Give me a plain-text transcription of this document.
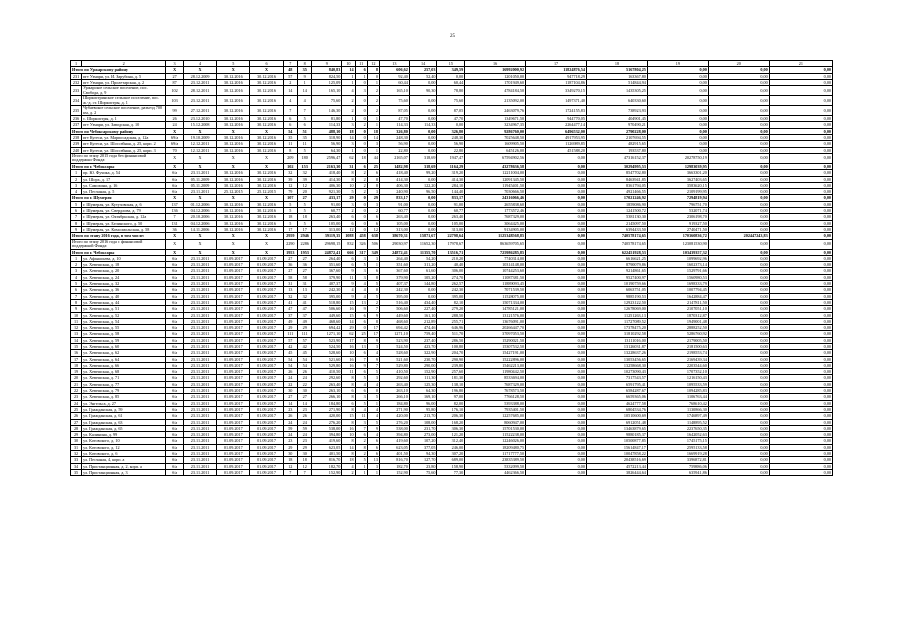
25
1	2	3	4	5	6	7	8	9	10	11	12	13	14	15	16	17	18	19	20	21
Итого по Уржарскому району		X	X	X	X	48	35	840,83	14	6	8	606,62	257,03	349,59	16992000,92	11824876,54	5167804,25	0,00	0,00	0,00
231	пгт Узмари, ул. И. Зарубина, д. 5	27	28.12.2009	30.12.2016	30.12.2016	57	9	824,50	1	1	0	92,40	52,40	0,00	1201050,00	947718,29	163367,80	0,00	0,00	0,00
232	пгт Узмари, ул. Пролетарская, д. 2	87	23.12.2011	30.12.2016	30.12.2016	2	1	125,09	1	0	1	60,44	0,00	60,44	1701949,60	1187104,86	514844,94	0,00	0,00	0,00
233	Уржарское сельское поселение, пос. Свобода, д. 9	102	28.12.2011	30.12.2016	30.12.2016	14	14	165,10	4	3	2	165,10	90,30	78,80	4784184,50	3349270,15	1435305,25	0,00	0,00	0,00
234	Шоркистринское сельское поселение, пос. ж.-д. ст. Шоркистры, д. 1	103	23.12.2011	30.12.2016	30.12.2016	4	4	75,60	2	0	2	75,60	0,00	75,60	2135092,00	1497371,40	640330,60	0,00	0,00	0,00
235	Чубаевское сельское поселение, разъезд 700 км, д. 2	99	27.12.2011	30.12.2016	30.12.2016	7	7	146,30	2	0	2	87,05	0,00	87,05	2463079,76	1724155,83	738923,93	0,00	0,00	0,00
236	с. Шоркистры, д. 1	26	23.12.2010	30.12.2016	30.12.2016	6	5	81,80	1	0	1	47,70	0,00	47,70	1349671,50	944770,05	404901,45	0,00	0,00	0,00
237	пгт Узмари, ул. Заводская, д. 10	24	15.12.2008	30.12.2016	30.12.2016	6	6	114,33	3	2	1	114,33	114,33	0,00	3234967,35	2264477,14	970490,21	0,00	0,00	0,00
Итого по Чебоксарскому району		X	X	X	X	54	51	488,10	18	0	18	326,80	0,00	326,80	9286760,00	6496532,00	2790228,00	0,00	0,00	0,00
238	пгт Кугеси, ул. Марпосадская, д. 12а	69/а	19.10.2009	30.12.2016	30.12.2016	35	35	318,90	14	0	14	248,30	0,00	248,30	7025648,50	4917953,95	2107694,55	0,00	0,00	0,00
239	пгт Кугеси, ул. Шоссейная, д. 25, корп. 2	69/а	12.12.2011	30.12.2016	30.12.2016	11	11	56,90	3	0	3	56,90	0,00	56,90	1609905,50	1126989,85	482915,65	0,00	0,00	0,00
240	пгт Кугеси, ул. Шоссейная, д. 25, корп. 3	70	12.12.2011	30.12.2016	30.12.2016	8	5	64,30	1	0	1	22,80	0,00	22,80	645126,00	451588,20	193537,80	0,00	0,00	0,00
Итого по этапу 2015 года без финансовой поддержки Фонда:		X	X	X	X	209	180	2596,47	62	18	44	2165,07	318,69	1947,47	67594902,56	0,00	47316152,37	20278750,19	0,00	0,00
Итого по г. Чебоксары		X	X	X	X	102	153	2163,30	31	6	25	1482,98	318,69	1164,29	43278636,58	0,00	30294995,53	12983039,95	0,00	0,00
1	пр. Ю. Фучика, д. 54	б/а	23.11.2011	30.12.2016	30.12.2016	32	32	418,40	8	2	6	418,40	99,20	319,20	12211004,00	0,00	8547702,80	3663301,20	0,00	0,00
2	ул. Шорх, д. 17	б/а	05.11.2009	30.12.2016	30.12.2016	39	39	414,30	8	2	8	414,30	0,00	414,30	12091345,50	0,00	8463941,85	3627403,65	0,00	0,00
3	ул. Самохина, д. 16	б/а	05.11.2009	30.12.2016	30.12.2016	12	12	406,30	10	2	8	406,30	122,20	284,10	11945401,50	0,00	8361794,05	3583620,15	0,00	0,00
4	ул. Песчаная, д. 5	б/а	23.11.2011	25.12.2015	25.12.2015	79	20	921,30	5	2	3	240,90	96,50	144,40	7030666,50	0,00	4921466,55	2109199,95	0,00	0,00
Итого по г. Шумерля		X	X	X	X	107	27	433,17	29	0	29	833,17	0,00	833,17	24316066,46	0,00	17021246,92	7294819,94	0,00	0,00
5	г. Шумерля, ул. Кутузовская, д. 6	137	01.12.2006	30.12.2016	30.12.2016	5	5	91,00	3	0	3	91,00	0,00	91,00	2655838,60	0,00	1859086,90	796751,70	0,00	0,00
6	г. Шумерля, ул. Свердлова, д. 79	136	04.12.2006	30.12.2016	30.12.2016	5	5	60,77	2	0	2	60,77	0,00	60,77	1773572,46	0,00	1241500,72	532071,74	0,00	0,00
7	г. Шумерля, ул. Октябрьская, д. 12а	7	20.10.2006	30.12.2016	30.12.2016	18	18	263,40	6	0	6	263,40	0,00	263,40	7687329,00	0,00	5381130,30	2306198,70	0,00	0,00
8	г. Шумерля, ул. Белинского, д. 50	131	04.12.2006	30.12.2016	30.12.2016	5	5	105,00	6	0	6	105,00	0,00	105,00	3064425,00	0,00	2145097,50	919327,50	0,00	0,00
9	г. Шумерля, ул. Комсомольская, д. 58	36	14.11.2006	30.12.2016	30.12.2016	17	17	313,00	12	0	12	313,00	0,00	313,00	9134905,00	0,00	6394433,50	2740471,50	0,00	0,00
Итого по этапу 2016 года, в том числе:		X	X	X	X	2959	2946	39119,35	1088	458	638	38670,31	15871,67	22798,64	1125348568,85	0,00	740578174,65	170360836,72	202447243,83	0,00
Итого по этапу 2016 года с финансовой поддержкой Фонда:		X	X	X	X	2290	2286	29698,15	832	326	506	29030,97	11652,30	17978,67	863659705,65	0,00	740578174,65	123081530,90	0,00	0,00
Итого по г. Чебоксары		X	X	X	X	1953	1953	24872,41	666	317	349	24872,41	11355,70	13516,71	725986285,85	0,00	622451928,53	103439357,32	0,00	0,00
1	ул. Афанасьева, д. 10	б/а	23.11.2011	01.09.2017	01.09.2017	27	27	264,40	6	3	3	264,40	54,20	210,20	7740314,00	0,00	6616621,25	1099692,96	0,00	0,00
2	ул. Хевешская, д. 18	б/а	23.11.2011	01.09.2017	01.09.2017	36	36	351,60	6	5	1	351,60	311,20	40,40	10314148,00	0,00	8790079,86	1602373,14	0,00	0,00
3	ул. Хевешская, д. 20	б/а	23.11.2011	01.09.2017	01.09.2017	27	27	367,60	9	3	6	367,60	61,60	306,00	10744253,60	0,00	9214861,65	1529791,66	0,00	0,00
4	ул. Хевешская, д. 24	б/а	23.11.2011	01.09.2017	01.09.2017	58	58	379,90	11	3	8	379,90	105,20	274,70	11087381,50	0,00	9527400,97	1560980,53	0,00	0,00
5	ул. Хевешская, д. 32	б/а	23.11.2011	01.09.2017	01.09.2017	31	31	407,37	9	4	5	407,37	144,80	262,57	11889093,45	0,00	10190759,66	1698333,79	0,00	0,00
6	ул. Хевешская, д. 36	б/а	23.11.2011	01.09.2017	01.09.2017	13	13	242,30	4	4	0	242,30	0,00	242,30	7071539,50	0,00	6063751,05	1007794,45	0,00	0,00
7	ул. Хевешская, д. 40	б/а	23.11.2011	01.09.2017	01.09.2017	32	32	395,00	9	4	5	395,00	0,00	395,00	11528075,00	0,00	9885190,53	1642884,47	0,00	0,00
8	ул. Хевешская, д. 44	б/а	23.11.2011	01.09.2017	01.09.2017	41	41	518,80	15	13	2	516,40	434,40	82,10	15071334,00	0,00	12923122,50	2147811,50	0,00	0,00
9	ул. Хевешская, д. 51	б/а	23.11.2011	01.09.2017	01.09.2017	47	47	506,60	16	9	7	506,60	227,40	279,20	14785121,00	0,00	12678069,00	2107051,10	0,00	0,00
10	ул. Хевешская, д. 52	б/а	23.11.2011	01.09.2017	01.09.2017	37	37	449,60	15	6	9	449,60	161,10	288,50	13121576,00	0,00	11251263,13	1870312,87	0,00	0,00
11	ул. Хевешская, д. 54	б/а	23.11.2011	01.09.2017	01.09.2017	49	49	468,60	14	6	8	468,60	212,89	255,71	13676091,00	0,00	11727089,52	1949001,48	0,00	0,00
12	ул. Хевешская, д. 55	б/а	23.11.2011	01.09.2017	01.09.2017	29	29	694,42	29	0	17	694,42	474,46	646,96	20266447,70	0,00	17378475,20	2888252,50	0,00	0,00
13	ул. Хевешская, д. 58	б/а	23.11.2011	01.09.2017	01.09.2017	111	111	1271,10	62	25	17	1271,10	759,40	511,70	37097053,50	0,00	31810292,58	5286760,92	0,00	0,00
14	ул. Хевешская, д. 59	б/а	23.11.2011	01.09.2017	01.09.2017	57	57	523,90	17	8	9	523,90	237,40	286,50	15290021,50	0,00	13111016,00	2179005,50	0,00	0,00
15	ул. Хевешская, д. 60	б/а	23.11.2011	01.09.2017	01.09.2017	42	42	524,50	16	13	3	524,50	423,70	100,80	15307532,50	0,00	13126031,87	2181500,63	0,00	0,00
16	ул. Хевешская, д. 62	б/а	23.11.2011	01.09.2017	01.09.2017	45	45	528,60	10	6	4	528,60	322,90	204,70	15427191,00	0,00	13228637,26	2198553,74	0,00	0,00
17	ул. Хевешская, д. 64	б/а	23.11.2011	01.09.2017	01.09.2017	54	54	521,60	16	7	9	521,60	230,70	290,90	15222896,00	0,00	13053456,65	2169439,34	0,00	0,00
18	ул. Хевешская, д. 66	б/а	23.11.2011	01.09.2017	01.09.2017	54	54	529,80	16	9	7	529,80	290,00	239,80	15462213,00	0,00	13258668,30	2203544,60	0,00	0,00
19	ул. Хевешская, д. 68	б/а	23.11.2011	01.09.2017	01.09.2017	26	26	410,50	11	6	5	410,50	152,90	257,60	11980442,50	0,00	10273090,43	1707352,10	0,00	0,00
20	ул. Хевешская, д. 71	б/а	23.11.2011	01.09.2017	01.09.2017	24	24	292,60	8	5	3	292,60	111,30	181,30	8533694,00	0,00	7317543,57	1216150,43	0,00	0,00
21	ул. Хевешская, д. 77	б/а	23.11.2011	01.09.2017	01.09.2017	22	22	263,40	8	4	4	263,40	125,30	138,10	7687329,00	0,00	6591795,41	1095533,59	0,00	0,00
22	ул. Хевешская, д. 79	б/а	23.11.2011	01.09.2017	01.09.2017	30	30	263,10	6	6	0	263,10	64,30	196,80	7678573,50	0,00	6584287,67	1094285,83	0,00	0,00
23	ул. Хевешская, д. 85	б/а	23.11.2011	01.09.2017	01.09.2017	27	27	266,10	8	3	5	266,10	169,10	97,00	7766128,50	0,00	6659365,06	1106763,44	0,00	0,00
24	ул. Энгельса, д. 27	б/а	23.11.2011	01.09.2017	01.09.2017	14	14	184,80	6	5	1	184,80	96,00	82,00	5393388,00	0,00	4624777,58	768610,42	0,00	0,00
25	ул. Гражданская, д. 59	б/а	23.11.2011	01.09.2017	01.09.2017	23	23	271,90	8	4	4	271,90	95,80	176,10	7935401,50	0,00	6804534,76	1130866,30	0,00	0,00
26	ул. Гражданская, д. 61	б/а	23.11.2011	01.09.2017	01.09.2017	26	26	420,00	15	11	4	420,00	213,70	206,30	12257685,00	0,00	10510600,69	1746897,49	0,00	0,00
27	ул. Гражданская, д. 63	б/а	23.11.2011	01.09.2017	01.09.2017	24	24	276,20	8	3	5	276,20	108,00	168,20	8060947,00	0,00	6912051,48	1148895,52	0,00	0,00
28	ул. Гражданская, д. 65	б/а	23.11.2011	01.09.2017	01.09.2017	59	59	538,00	16	7	9	538,00	231,70	306,30	15701530,00	0,00	13463879,65	2237650,35	0,00	0,00
29	ул. Калинина, д. 99	б/а	23.11.2011	01.09.2017	01.09.2017	24	24	394,80	10	6	4	394,80	273,00	121,20	11522238,00	0,00	9880185,37	1642052,63	0,00	0,00
30	ул. Котовского, д. 10	б/а	23.11.2011	01.09.2017	01.09.2017	23	23	419,60	8	2	6	419,60	107,20	312,40	12246026,00	0,00	10500877,85	1745175,15	0,00	0,00
31	ул. Котовского, д. 12	б/а	23.11.2011	01.09.2017	01.09.2017	29	29	623,05	14	8	6	623,05	377,05	246,00	18209480,75	0,00	15614847,17	2595133,58	0,00	0,00
32	ул. Котовского, д. 6	б/а	23.11.2011	01.09.2017	01.09.2017	30	30	401,50	8	2	6	401,50	94,30	307,20	11717777,50	0,00	10047858,22	1669919,28	0,00	0,00
33	ул. Песчаная, 4, корп. а	б/а	23.11.2011	01.09.2017	01.09.2017	18	18	816,70	18	5	13	816,70	127,70	689,00	23835389,50	0,00	20438516,69	3396872,81	0,00	0,00
34	ул. Пристанционная, д. 2, корп. а	б/а	23.11.2011	01.09.2017	01.09.2017	12	12	182,70	4	1	3	182,70	23,80	158,90	5332099,50	0,00	4572213,44	759886,06	0,00	0,00
35	ул. Пристанционная, д. 3	б/а	23.11.2011	01.09.2017	01.09.2017	7	7	152,90	2	1	1	152,90	75,60	77,30	4462366,50	0,00	3826444,64	635941,86	0,00	0,00
